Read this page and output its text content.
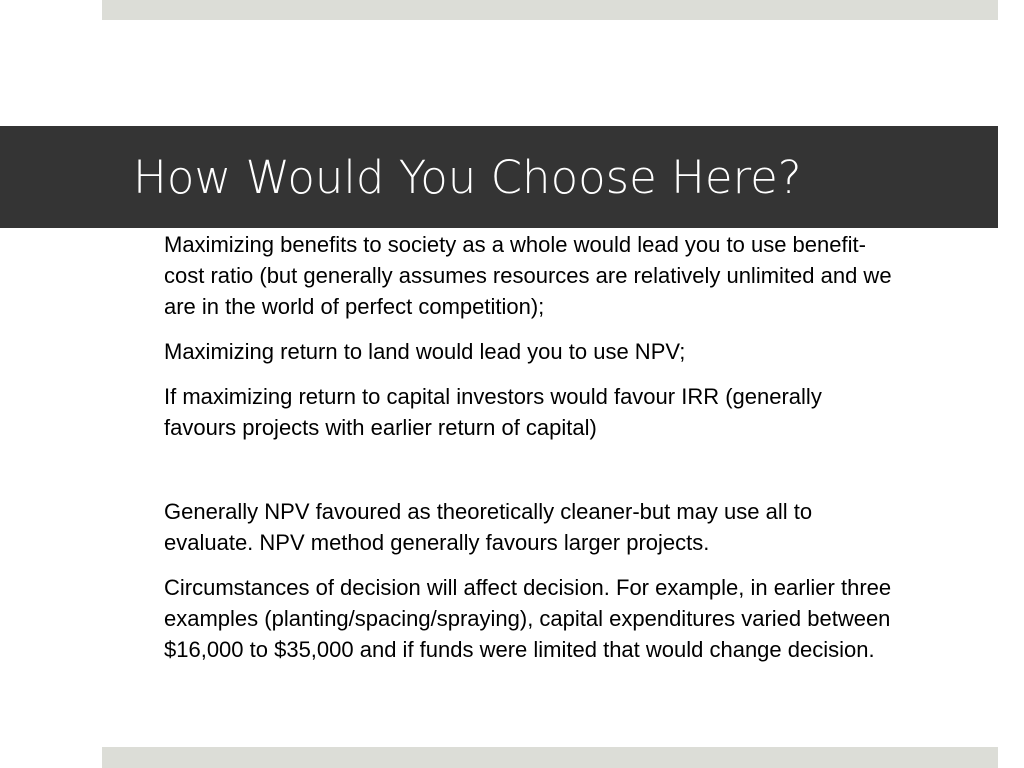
How Would You Choose Here?

Maximizing benefits to society as a whole would lead you to use benefit-cost ratio (but generally assumes resources are relatively unlimited and we are in the world of perfect competition);

Maximizing return to land would lead you to use NPV;

If maximizing return to capital investors would favour IRR (generally favours projects with earlier return of capital)

Generally NPV favoured as theoretically cleaner-but may use all to evaluate. NPV method generally favours larger projects.

Circumstances of decision will affect decision. For example, in earlier three examples (planting/spacing/spraying), capital expenditures varied between $16,000 to $35,000 and if funds were limited that would change decision.
